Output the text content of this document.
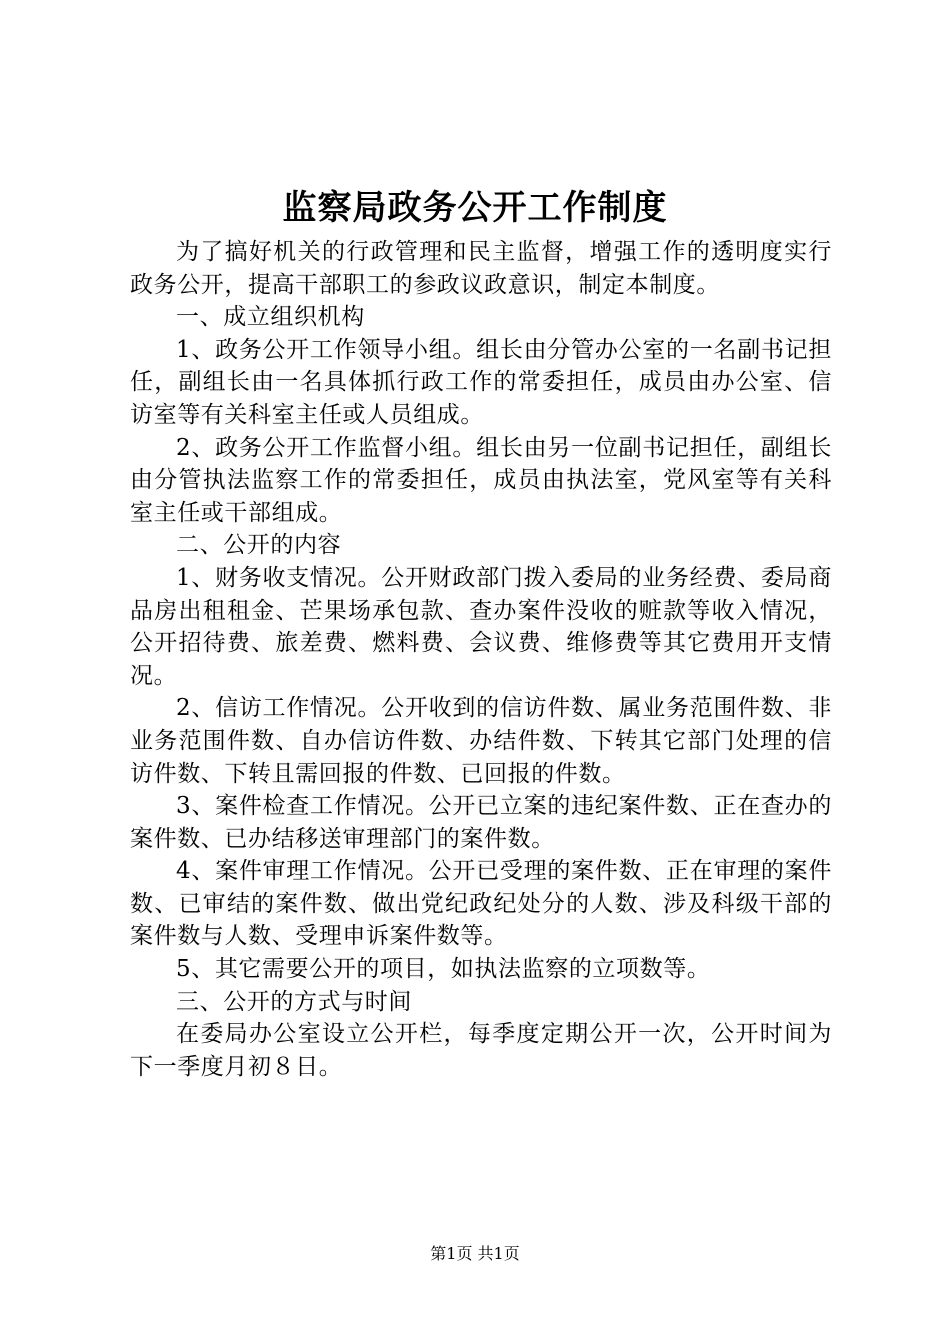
监察局政务公开工作制度

为了搞好机关的行政管理和民主监督，增强工作的透明度实行政务公开，提高干部职工的参政议政意识，制定本制度。

一、成立组织机构

1、政务公开工作领导小组。组长由分管办公室的一名副书记担任，副组长由一名具体抓行政工作的常委担任，成员由办公室、信访室等有关科室主任或人员组成。

2、政务公开工作监督小组。组长由另一位副书记担任，副组长由分管执法监察工作的常委担任，成员由执法室，党风室等有关科室主任或干部组成。

二、公开的内容

1、财务收支情况。公开财政部门拨入委局的业务经费、委局商品房出租租金、芒果场承包款、查办案件没收的赃款等收入情况，公开招待费、旅差费、燃料费、会议费、维修费等其它费用开支情况。

2、信访工作情况。公开收到的信访件数、属业务范围件数、非业务范围件数、自办信访件数、办结件数、下转其它部门处理的信访件数、下转且需回报的件数、已回报的件数。

3、案件检查工作情况。公开已立案的违纪案件数、正在查办的案件数、已办结移送审理部门的案件数。

4、案件审理工作情况。公开已受理的案件数、正在审理的案件数、已审结的案件数、做出党纪政纪处分的人数、涉及科级干部的案件数与人数、受理申诉案件数等。

5、其它需要公开的项目，如执法监察的立项数等。

三、公开的方式与时间

在委局办公室设立公开栏，每季度定期公开一次，公开时间为下一季度月初８日。

第1页 共1页
